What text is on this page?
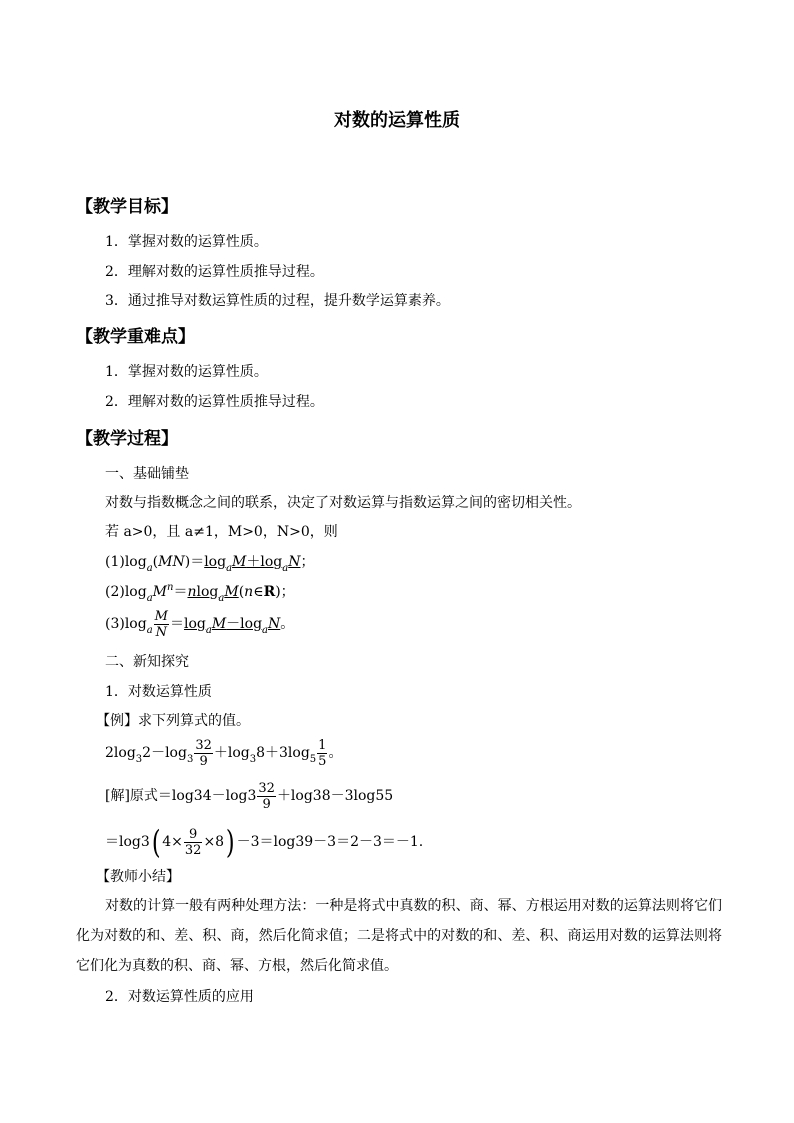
对数的运算性质
【教学目标】
1．掌握对数的运算性质。
2．理解对数的运算性质推导过程。
3．通过推导对数运算性质的过程，提升数学运算素养。
【教学重难点】
1．掌握对数的运算性质。
2．理解对数的运算性质推导过程。
【教学过程】
一、基础铺垫
对数与指数概念之间的联系，决定了对数运算与指数运算之间的密切相关性。
若 a>0，且 a≠1，M>0，N>0，则
$(1)\log_a(MN)=\log_aM+\log_aN$；
$(2)\log_aM^n=nlog_aM(n\in R)$；
$(3)\log_a \frac{M}{N} =\log_aM-\log_aN$。
二、新知探究
1．对数运算性质
【例】求下列算式的值。
$2\log_32-\log_3 \frac{32}{9} +\log_38+3\log_5 \frac{1}{5}$ 。
[解]原式$=\log 34-\log 3 \frac{32}{9} +\log 38-3\log 55$
＝log3( $4\times \frac{9}{32} \times 8) -3=\log 39-3=2-3=-1$.
【教师小结】
对数的计算一般有两种处理方法：一种是将式中真数的积、商、幂、方根运用对数的运算法则将它们化为对数的和、差、积、商，然后化简求值；二是将式中的对数的和、差、积、商运用对数的运算法则将它们化为真数的积、商、幂、方根，然后化简求值。
2．对数运算性质的应用
